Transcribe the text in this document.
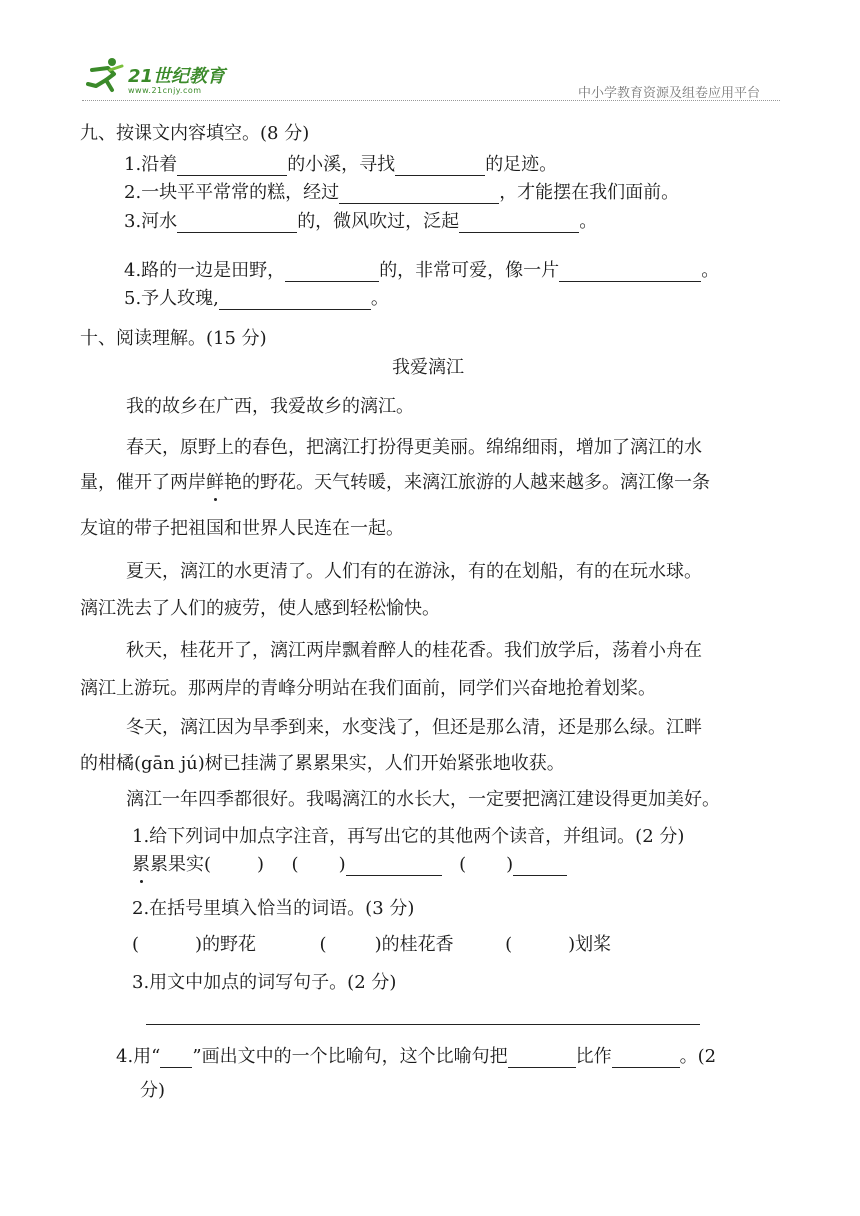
21世纪教育
www.21cnjy.com	中小学教育资源及组卷应用平台
九、按课文内容填空。(8 分)
1.沿着	的小溪，寻找	的足迹。
2.一块平平常常的糕，经过	，才能摆在我们面前。
3.河水	的，微风吹过，泛起	。
4.路的一边是田野，	的，非常可爱，像一片	。
5.予人玫瑰,	。
十、阅读理解。(15 分)
我爱漓江
我的故乡在广西，我爱故乡的漓江。
春天，原野上的春色，把漓江打扮得更美丽。绵绵细雨，增加了漓江的水
量，催开了两岸鲜艳的野花。天气转暖，来漓江旅游的人越来越多。漓江像一条
友谊的带子把祖国和世界人民连在一起。
夏天，漓江的水更清了。人们有的在游泳，有的在划船，有的在玩水球。
漓江洗去了人们的疲劳，使人感到轻松愉快。
秋天，桂花开了，漓江两岸飘着醉人的桂花香。我们放学后，荡着小舟在
漓江上游玩。那两岸的青峰分明站在我们面前，同学们兴奋地抢着划桨。
冬天，漓江因为旱季到来，水变浅了，但还是那么清，还是那么绿。江畔
的柑橘(gān jú)树已挂满了累累果实，人们开始紧张地收获。
漓江一年四季都很好。我喝漓江的水长大，一定要把漓江建设得更加美好。
1.给下列词中加点字注音，再写出它的其他两个读音，并组词。(2 分)
累累果实(	) ( )	( )
2.在括号里填入恰当的词语。(3 分)
(	)的野花	(	)的桂花香	(	)划桨
3.用文中加点的词写句子。(2 分)
4.用“ ”画出文中的一个比喻句，这个比喻句把	比作	。(2
分)
